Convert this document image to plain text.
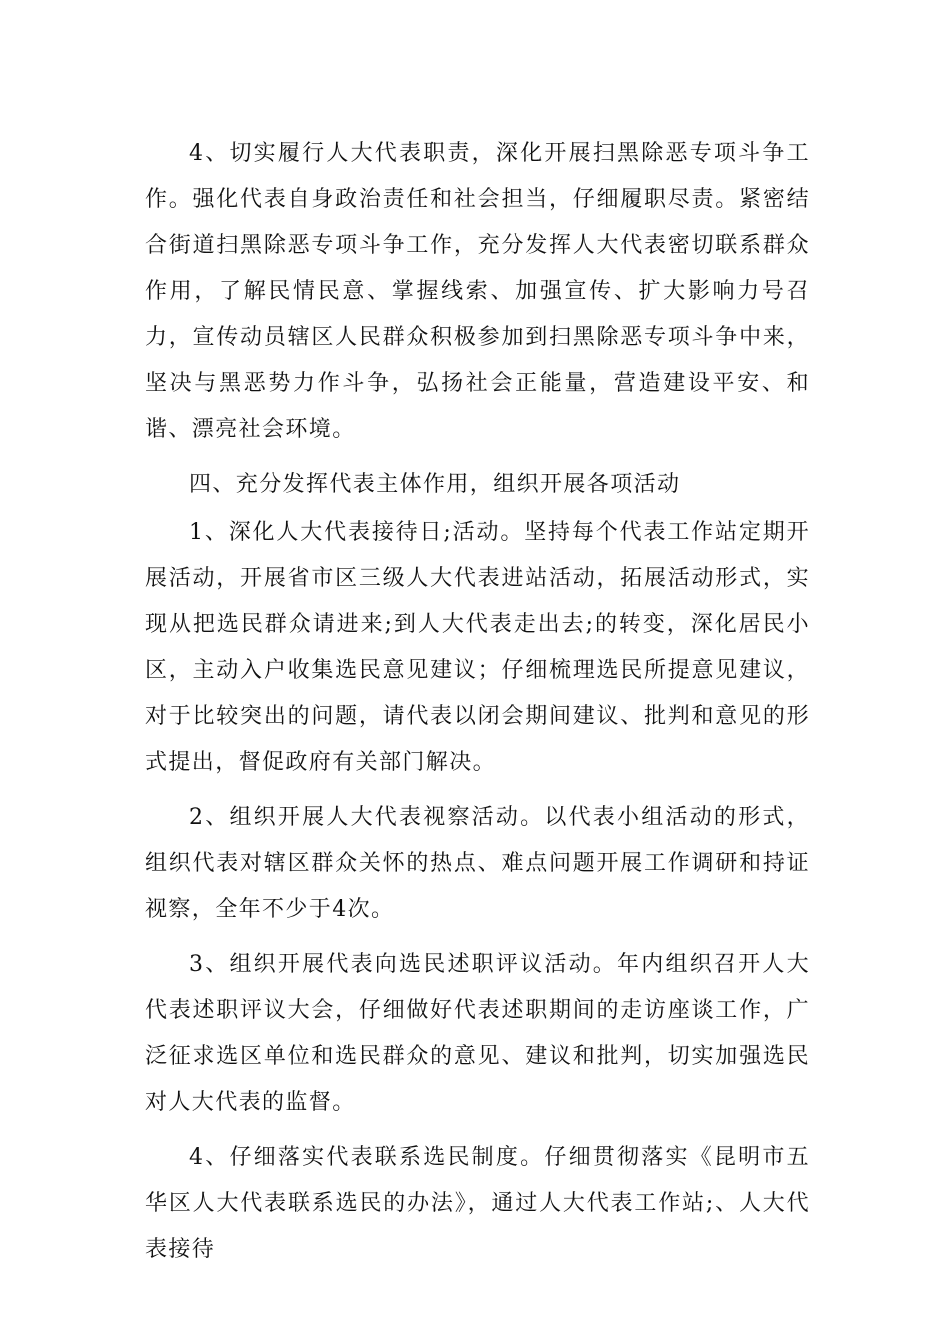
4、切实履行人大代表职责，深化开展扫黑除恶专项斗争工作。强化代表自身政治责任和社会担当，仔细履职尽责。紧密结合街道扫黑除恶专项斗争工作，充分发挥人大代表密切联系群众作用，了解民情民意、掌握线索、加强宣传、扩大影响力号召力，宣传动员辖区人民群众积极参加到扫黑除恶专项斗争中来，坚决与黑恶势力作斗争，弘扬社会正能量，营造建设平安、和谐、漂亮社会环境。

四、充分发挥代表主体作用，组织开展各项活动

1、深化人大代表接待日;活动。坚持每个代表工作站定期开展活动，开展省市区三级人大代表进站活动，拓展活动形式，实现从把选民群众请进来;到人大代表走出去;的转变，深化居民小区，主动入户收集选民意见建议；仔细梳理选民所提意见建议，对于比较突出的问题，请代表以闭会期间建议、批判和意见的形式提出，督促政府有关部门解决。

2、组织开展人大代表视察活动。以代表小组活动的形式，组织代表对辖区群众关怀的热点、难点问题开展工作调研和持证视察，全年不少于4次。

3、组织开展代表向选民述职评议活动。年内组织召开人大代表述职评议大会，仔细做好代表述职期间的走访座谈工作，广泛征求选区单位和选民群众的意见、建议和批判，切实加强选民对人大代表的监督。

4、仔细落实代表联系选民制度。仔细贯彻落实《昆明市五华区人大代表联系选民的办法》，通过人大代表工作站;、人大代表接待
